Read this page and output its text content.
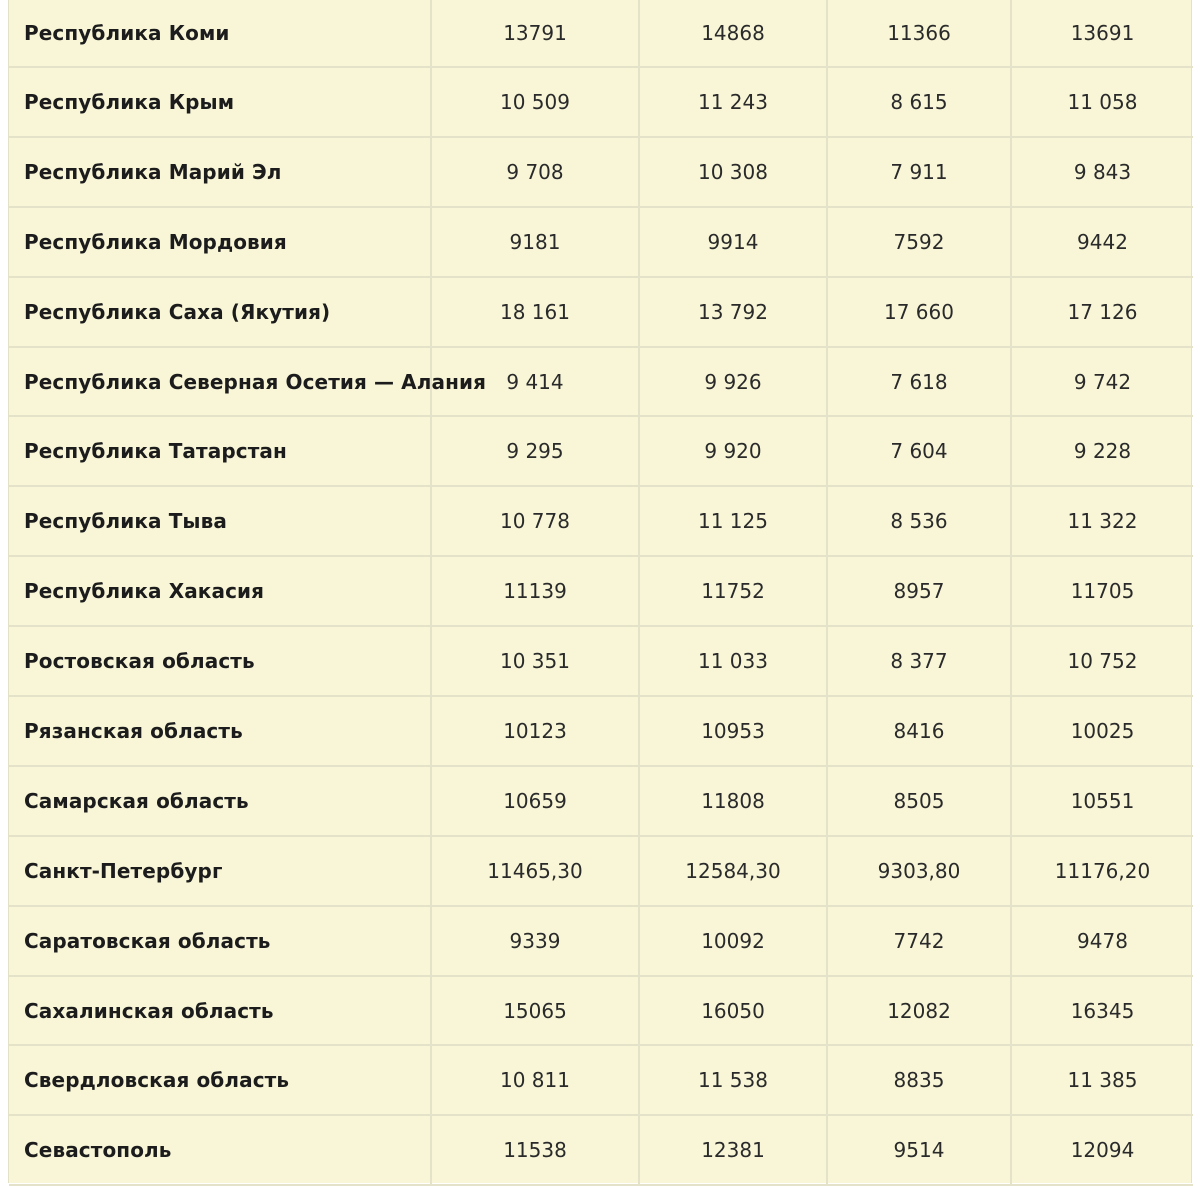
Республика Коми	13791	14868	11366	13691
Республика Крым	10 509	11 243	8 615	11 058
Республика Марий Эл	9 708	10 308	7 911	9 843
Республика Мордовия	9181	9914	7592	9442
Республика Саха (Якутия)	18 161	13 792	17 660	17 126
Республика Северная Осетия — Алания	9 414	9 926	7 618	9 742
Республика Татарстан	9 295	9 920	7 604	9 228
Республика Тыва	10 778	11 125	8 536	11 322
Республика Хакасия	11139	11752	8957	11705
Ростовская область	10 351	11 033	8 377	10 752
Рязанская область	10123	10953	8416	10025
Самарская область	10659	11808	8505	10551
Санкт-Петербург	11465,30	12584,30	9303,80	11176,20
Саратовская область	9339	10092	7742	9478
Сахалинская область	15065	16050	12082	16345
Свердловская область	10 811	11 538	8835	11 385
Севастополь	11538	12381	9514	12094
